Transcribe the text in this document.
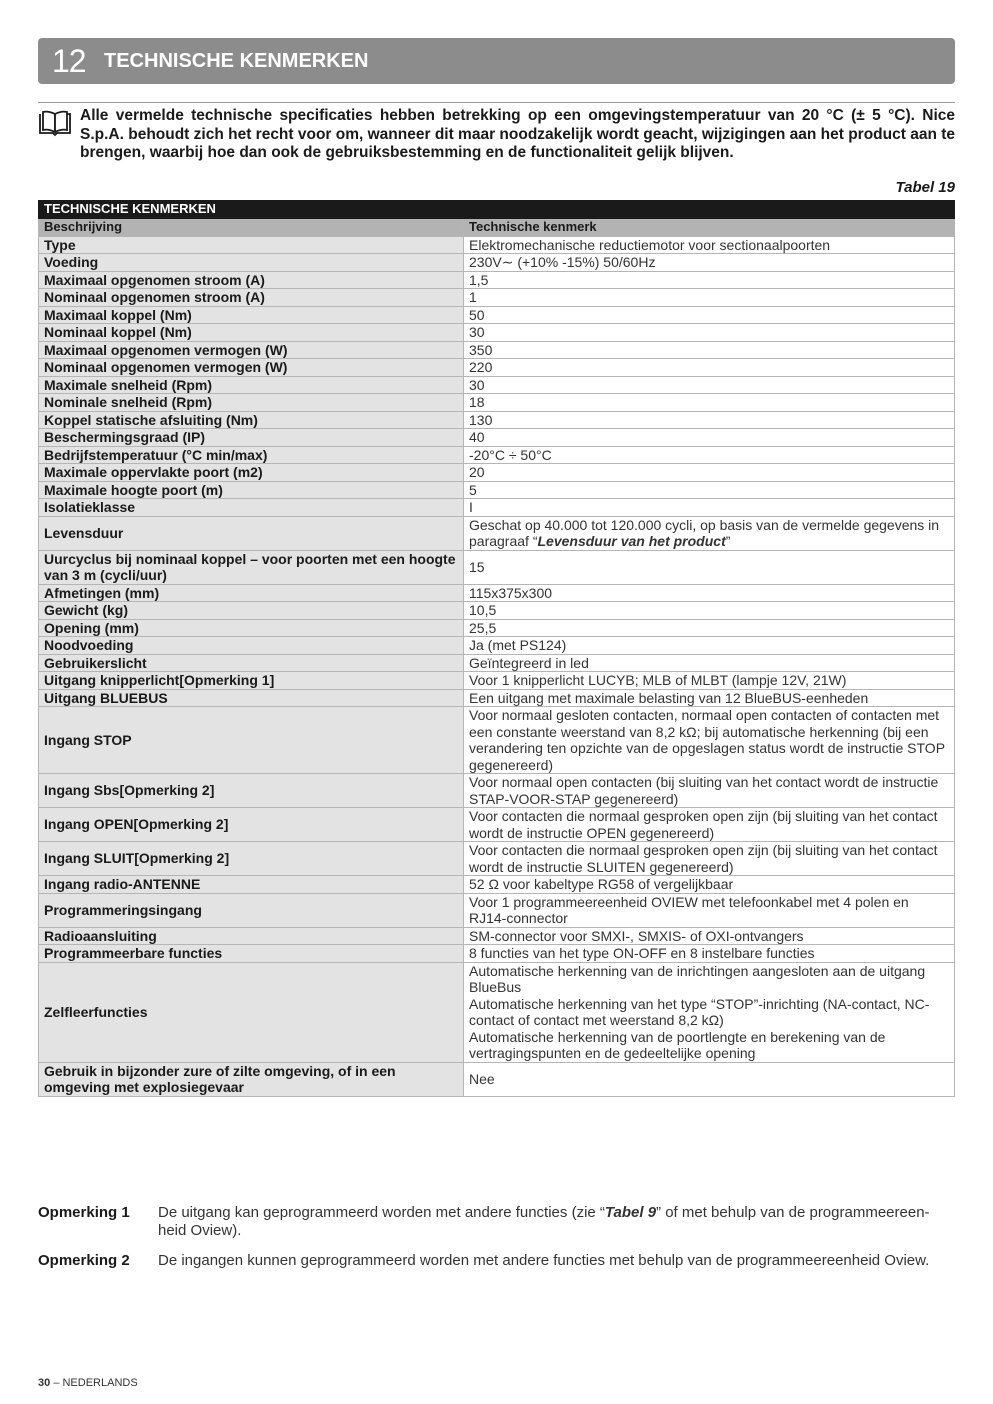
12 TECHNISCHE KENMERKEN
Alle vermelde technische specificaties hebben betrekking op een omgevingstemperatuur van 20 °C (± 5 °C). Nice S.p.A. behoudt zich het recht voor om, wanneer dit maar noodzakelijk wordt geacht, wijzigingen aan het product aan te brengen, waarbij hoe dan ook de gebruiksbestemming en de functionaliteit gelijk blijven.
Tabel 19
TECHNISCHE KENMERKEN	
Beschrijving	Technische kenmerk
Type	Elektromechanische reductiemotor voor sectionaalpoorten
Voeding	230V∼ (+10% -15%) 50/60Hz
Maximaal opgenomen stroom (A)	1,5
Nominaal opgenomen stroom (A)	1
Maximaal koppel (Nm)	50
Nominaal koppel (Nm)	30
Maximaal opgenomen vermogen (W)	350
Nominaal opgenomen vermogen (W)	220
Maximale snelheid (Rpm)	30
Nominale snelheid (Rpm)	18
Koppel statische afsluiting (Nm)	130
Beschermingsgraad (IP)	40
Bedrijfstemperatuur (°C min/max)	-20°C ÷ 50°C
Maximale oppervlakte poort (m2)	20
Maximale hoogte poort (m)	5
Isolatieklasse	I
Levensduur	Geschat op 40.000 tot 120.000 cycli, op basis van de vermelde gegevens in paragraaf “Levensduur van het product”
Uurcyclus bij nominaal koppel – voor poorten met een hoogte van 3 m (cycli/uur)	15
Afmetingen (mm)	115x375x300
Gewicht (kg)	10,5
Opening (mm)	25,5
Noodvoeding	Ja (met PS124)
Gebruikerslicht	Geïntegreerd in led
Uitgang knipperlicht[Opmerking 1]	Voor 1 knipperlicht LUCYB; MLB of MLBT (lampje 12V, 21W)
Uitgang BLUEBUS	Een uitgang met maximale belasting van 12 BlueBUS-eenheden
Ingang STOP	Voor normaal gesloten contacten, normaal open contacten of contacten met een constante weerstand van 8,2 kΩ; bij automatische herkenning (bij een verandering ten opzichte van de opgeslagen status wordt de instructie STOP gegenereerd)
Ingang Sbs[Opmerking 2]	Voor normaal open contacten (bij sluiting van het contact wordt de instructie STAP-VOOR-STAP gegenereerd)
Ingang OPEN[Opmerking 2]	Voor contacten die normaal gesproken open zijn (bij sluiting van het contact wordt de instructie OPEN gegenereerd)
Ingang SLUIT[Opmerking 2]	Voor contacten die normaal gesproken open zijn (bij sluiting van het contact wordt de instructie SLUITEN gegenereerd)
Ingang radio-ANTENNE	52 Ω voor kabeltype RG58 of vergelijkbaar
Programmeringsingang	Voor 1 programmeereenheid OVIEW met telefoonkabel met 4 polen en RJ14-connector
Radioaansluiting	SM-connector voor SMXI-, SMXIS- of OXI-ontvangers
Programmeerbare functies	8 functies van het type ON-OFF en 8 instelbare functies
Zelfleerfuncties	Automatische herkenning van de inrichtingen aangesloten aan de uitgang BlueBus
Automatische herkenning van het type “STOP”-inrichting (NA-contact, NC-contact of contact met weerstand 8,2 kΩ)
Automatische herkenning van de poortlengte en berekening van de vertragingspunten en de gedeeltelijke opening

Gebruik in bijzonder zure of zilte omgeving, of in een omgeving met explosiegevaar	Nee
Opmerking 1	De uitgang kan geprogrammeerd worden met andere functies (zie “Tabel 9” of met behulp van de programmeereen-heid Oview).
Opmerking 2	De ingangen kunnen geprogrammeerd worden met andere functies met behulp van de programmeereenheid Oview.
30 – NEDERLANDS
